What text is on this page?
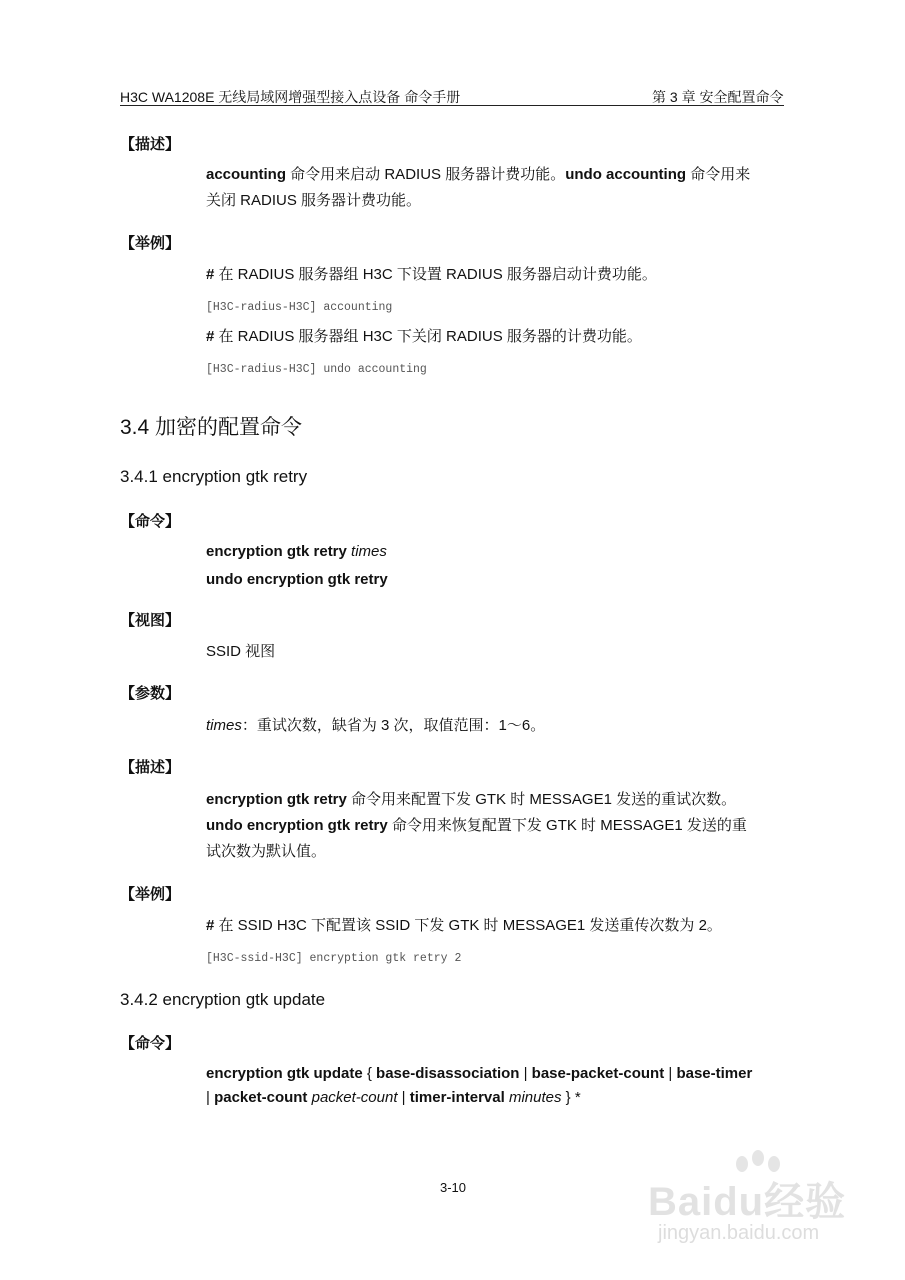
H3C WA1208E 无线局域网增强型接入点设备 命令手册	第 3 章 安全配置命令
【描述】
accounting 命令用来启动 RADIUS 服务器计费功能。undo accounting 命令用来
关闭 RADIUS 服务器计费功能。
【举例】
# 在 RADIUS 服务器组 H3C 下设置 RADIUS 服务器启动计费功能。
[H3C-radius-H3C] accounting
# 在 RADIUS 服务器组 H3C 下关闭 RADIUS 服务器的计费功能。
[H3C-radius-H3C] undo accounting
3.4 加密的配置命令
3.4.1 encryption gtk retry
【命令】
encryption gtk retry times
undo encryption gtk retry
【视图】
SSID 视图
【参数】
times：重试次数，缺省为 3 次，取值范围：1～6。
【描述】
encryption gtk retry 命令用来配置下发 GTK 时 MESSAGE1 发送的重试次数。
undo encryption gtk retry 命令用来恢复配置下发 GTK 时 MESSAGE1 发送的重
试次数为默认值。
【举例】
# 在 SSID H3C 下配置该 SSID 下发 GTK 时 MESSAGE1 发送重传次数为 2。
[H3C-ssid-H3C] encryption gtk retry 2
3.4.2 encryption gtk update
【命令】
encryption gtk update { base-disassociation | base-packet-count | base-timer
| packet-count packet-count | timer-interval minutes } *
3-10	Baidu经验
jingyan.baidu.com
